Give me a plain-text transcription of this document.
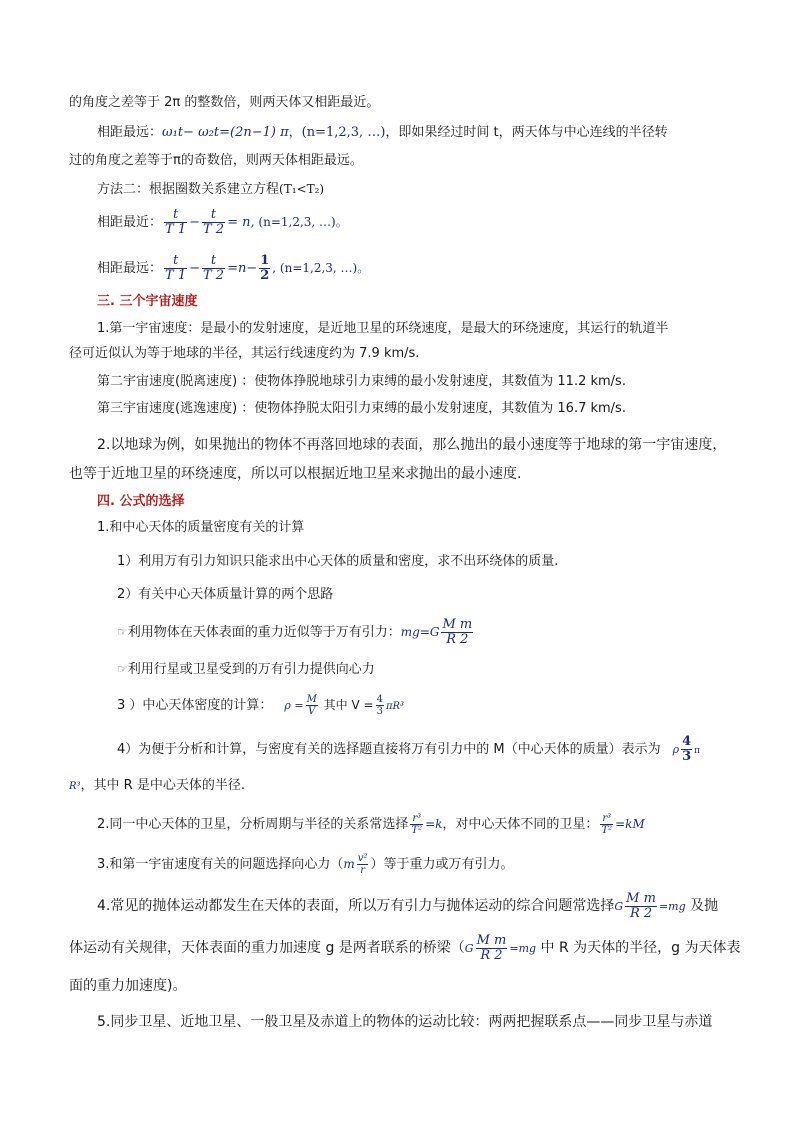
的角度之差等于 2π 的整数倍，则两天体又相距最近。
相距最远：ω₁t− ω₂t=(2n−1) π，(n=1,2,3, …)，即如果经过时间 t，两天体与中心连线的半径转
过的角度之差等于π的奇数倍，则两天体相距最远。
方法二：根据圈数关系建立方程(T₁<T₂)
相距最近： $\frac{t}{T 1} - \frac{t}{T 2} = n$, (n=1,2,3, …)。
相距最远： $\frac{t}{T 1} - \frac{t}{T 2} =n- \frac{1}{2}$ , (n=1,2,3, …)。
三. 三个宇宙速度
1.第一宇宙速度：是最小的发射速度，是近地卫星的环绕速度，是最大的环绕速度，其运行的轨道半
径可近似认为等于地球的半径，其运行线速度约为 7.9 km/s.
第二宇宙速度(脱离速度) ：使物体挣脱地球引力束缚的最小发射速度，其数值为 11.2 km/s.
第三宇宙速度(逃逸速度) ：使物体挣脱太阳引力束缚的最小发射速度，其数值为 16.7 km/s.
2.以地球为例，如果抛出的物体不再落回地球的表面，那么抛出的最小速度等于地球的第一宇宙速度，
也等于近地卫星的环绕速度，所以可以根据近地卫星来求抛出的最小速度.
四. 公式的选择
1.和中心天体的质量密度有关的计算
1）利用万有引力知识只能求出中心天体的质量和密度，求不出环绕体的质量.
2）有关中心天体质量计算的两个思路
☞利用物体在天体表面的重力近似等于万有引力：$mg=G \frac{\text{M m}}{R 2}$
☞利用行星或卫星受到的万有引力提供向心力
3 ）中心天体密度的计算： $\rho = \frac{M}{V}$ 其中 $V = \frac{4}{3} \pi R^3$
4）为便于分析和计算，与密度有关的选择题直接将万有引力中的 M（中心天体的质量）表示为 ρ $\frac{4}{3}$ π
R³，其中 R 是中心天体的半径.
2.同一中心天体的卫星，分析周期与半径的关系常选择 $\frac{\text{r³}}{\text{T²}} =k$，对中心天体不同的卫星： $\frac{\text{r³}}{\text{T²}} =kM$
3.和第一宇宙速度有关的问题选择向心力（$m \frac{\text{v²}}{r}$ ）等于重力或万有引力。
4.常见的抛体运动都发生在天体的表面，所以万有引力与抛体运动的综合问题常选择G $\frac{\text{M m}}{R 2} =mg$ 及抛
体运动有关规律，天体表面的重力加速度 g 是两者联系的桥梁（$G \frac{\text{M m}}{R 2} =mg$ 中 R 为天体的半径，g 为天体表
面的重力加速度)。
5.同步卫星、近地卫星、一般卫星及赤道上的物体的运动比较：两两把握联系点——同步卫星与赤道
